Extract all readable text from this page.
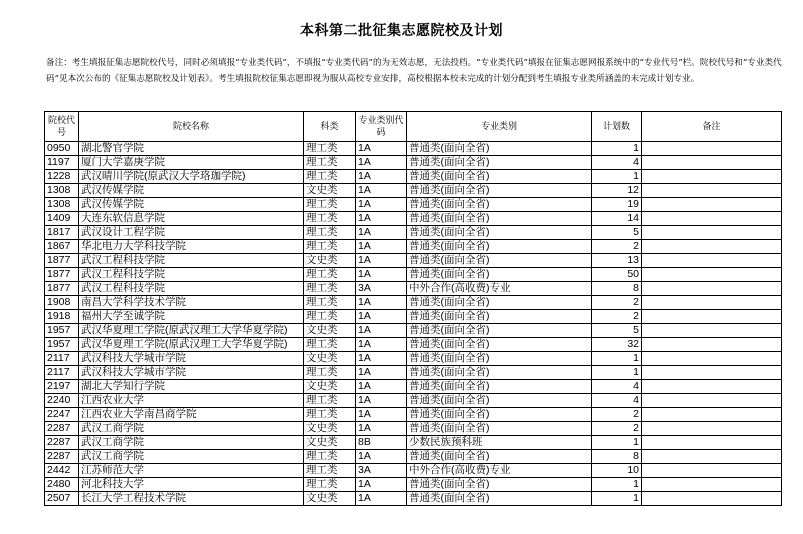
本科第二批征集志愿院校及计划
备注：考生填报征集志愿院校代号，同时必须填报“专业类代码”，不填报“专业类代码”的为无效志愿，无法投档。“专业类代码”填报在征集志愿网报系统中的“专业代号”栏。院校代号和“专业类代码”见本次公布的《征集志愿院校及计划表》。考生填报院校征集志愿即视为服从高校专业安排，高校根据本校未完成的计划分配到考生填报专业类所涵盖的未完成计划专业。
院校代号	院校名称	科类	专业类别代码	专业类别	计划数	备注
0950	湖北警官学院	理工类	1A	普通类(面向全省)	1	
1197	厦门大学嘉庚学院	理工类	1A	普通类(面向全省)	4	
1228	武汉晴川学院(原武汉大学珞珈学院)	理工类	1A	普通类(面向全省)	1	
1308	武汉传媒学院	文史类	1A	普通类(面向全省)	12	
1308	武汉传媒学院	理工类	1A	普通类(面向全省)	19	
1409	大连东软信息学院	理工类	1A	普通类(面向全省)	14	
1817	武汉设计工程学院	理工类	1A	普通类(面向全省)	5	
1867	华北电力大学科技学院	理工类	1A	普通类(面向全省)	2	
1877	武汉工程科技学院	文史类	1A	普通类(面向全省)	13	
1877	武汉工程科技学院	理工类	1A	普通类(面向全省)	50	
1877	武汉工程科技学院	理工类	3A	中外合作(高收费)专业	8	
1908	南昌大学科学技术学院	理工类	1A	普通类(面向全省)	2	
1918	福州大学至诚学院	理工类	1A	普通类(面向全省)	2	
1957	武汉华夏理工学院(原武汉理工大学华夏学院)	文史类	1A	普通类(面向全省)	5	
1957	武汉华夏理工学院(原武汉理工大学华夏学院)	理工类	1A	普通类(面向全省)	32	
2117	武汉科技大学城市学院	文史类	1A	普通类(面向全省)	1	
2117	武汉科技大学城市学院	理工类	1A	普通类(面向全省)	1	
2197	湖北大学知行学院	文史类	1A	普通类(面向全省)	4	
2240	江西农业大学	理工类	1A	普通类(面向全省)	4	
2247	江西农业大学南昌商学院	理工类	1A	普通类(面向全省)	2	
2287	武汉工商学院	文史类	1A	普通类(面向全省)	2	
2287	武汉工商学院	文史类	8B	少数民族预科班	1	
2287	武汉工商学院	理工类	1A	普通类(面向全省)	8	
2442	江苏师范大学	理工类	3A	中外合作(高收费)专业	10	
2480	河北科技大学	理工类	1A	普通类(面向全省)	1	
2507	长江大学工程技术学院	文史类	1A	普通类(面向全省)	1	
